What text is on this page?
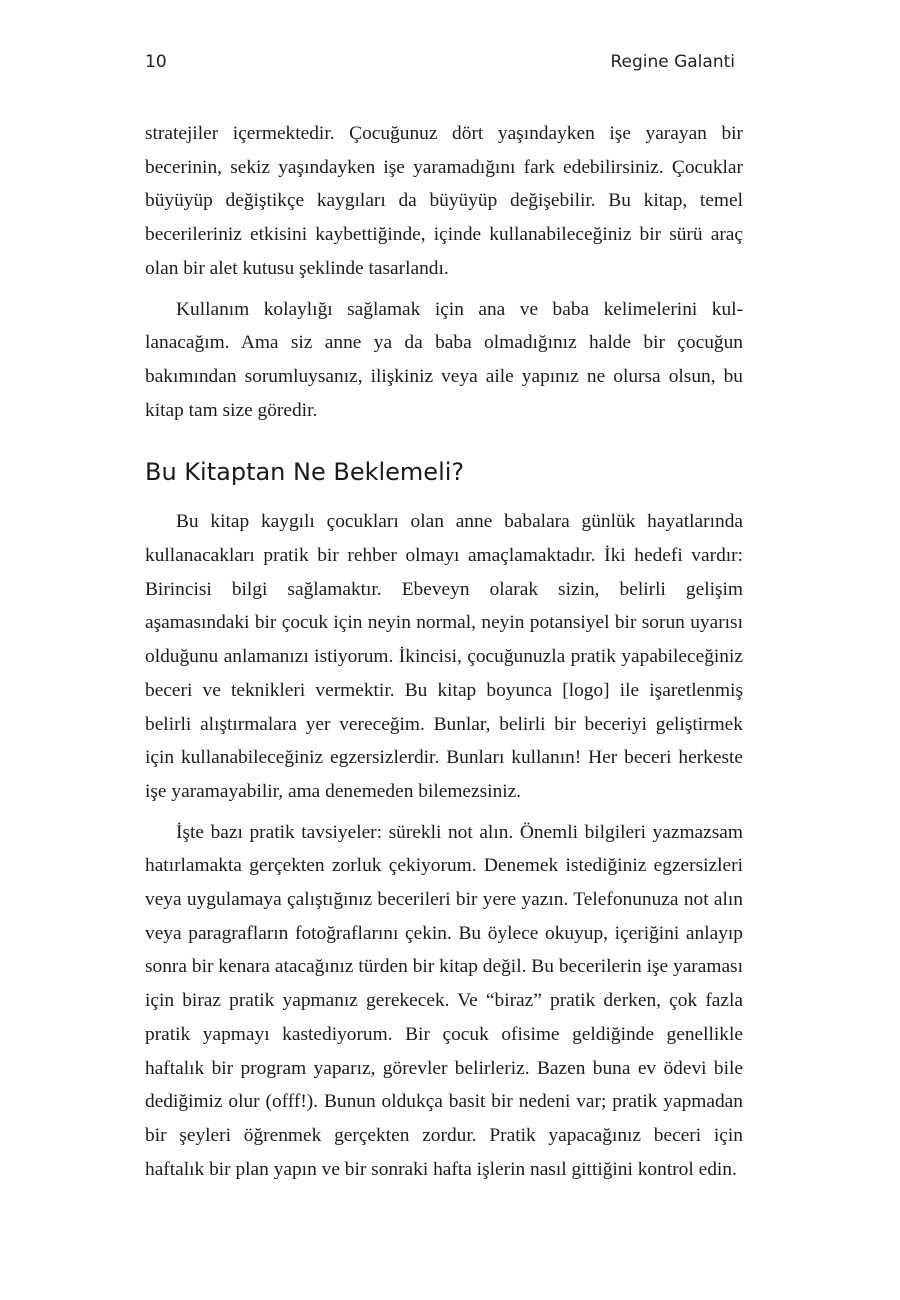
10	Regine Galanti

stratejiler içermektedir. Çocuğunuz dört yaşındayken işe yarayan bir becerinin, sekiz yaşındayken işe yaramadığını fark edebilirsiniz. Çocuklar büyüyüp değiştikçe kaygıları da büyüyüp değişebilir. Bu kitap, temel becerileriniz etkisini kaybettiğinde, içinde kullanabileceğiniz bir sürü araç olan bir alet kutusu şeklinde tasarlandı.

Kullanım kolaylığı sağlamak için ana ve baba kelimelerini kullanacağım. Ama siz anne ya da baba olmadığınız halde bir çocuğun bakımından sorumluysanız, ilişkiniz veya aile yapınız ne olursa olsun, bu kitap tam size göredir.

Bu Kitaptan Ne Beklemeli?

Bu kitap kaygılı çocukları olan anne babalara günlük hayatlarında kullanacakları pratik bir rehber olmayı amaçlamaktadır. İki hedefi vardır: Birincisi bilgi sağlamaktır. Ebeveyn olarak sizin, belirli gelişim aşamasındaki bir çocuk için neyin normal, neyin potansiyel bir sorun uyarısı olduğunu anlamanızı istiyorum. İkincisi, çocuğunuzla pratik yapabileceğiniz beceri ve teknikleri vermektir. Bu kitap boyunca [logo] ile işaretlenmiş belirli alıştırmalara yer vereceğim. Bunlar, belirli bir beceriyi geliştirmek için kullanabileceğiniz egzersizlerdir. Bunları kullanın! Her beceri herkeste işe yaramayabilir, ama denemeden bilemezsiniz.

İşte bazı pratik tavsiyeler: sürekli not alın. Önemli bilgileri yazmazsam hatırlamakta gerçekten zorluk çekiyorum. Denemek istediğiniz egzersizleri veya uygulamaya çalıştığınız becerileri bir yere yazın. Telefonunuza not alın veya paragrafların fotoğraflarını çekin. Bu öylece okuyup, içeriğini anlayıp sonra bir kenara atacağınız türden bir kitap değil. Bu becerilerin işe yaraması için biraz pratik yapmanız gerekecek. Ve “biraz” pratik derken, çok fazla pratik yapmayı kastediyorum. Bir çocuk ofisime geldiğinde genellikle haftalık bir program yaparız, görevler belirleriz. Bazen buna ev ödevi bile dediğimiz olur (offf!). Bunun oldukça basit bir nedeni var; pratik yapmadan bir şeyleri öğrenmek gerçekten zordur. Pratik yapacağınız beceri için haftalık bir plan yapın ve bir sonraki hafta işlerin nasıl gittiğini kontrol edin.
